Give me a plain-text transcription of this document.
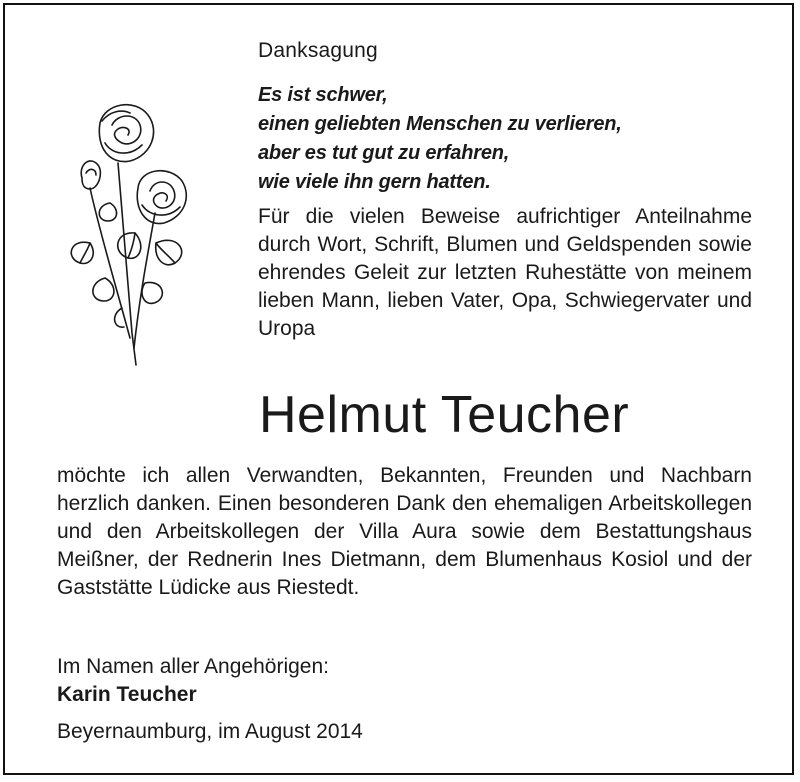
Danksagung
Es ist schwer,
einen geliebten Menschen zu verlieren,
aber es tut gut zu erfahren,
wie viele ihn gern hatten.
Für die vielen Beweise aufrichtiger Anteilnahme durch Wort, Schrift, Blumen und Geldspenden sowie ehrendes Geleit zur letzten Ruhestätte von meinem lieben Mann, lieben Vater, Opa, Schwiegervater und Uropa
Helmut Teucher
möchte ich allen Verwandten, Bekannten, Freunden und Nachbarn herzlich danken. Einen besonderen Dank den ehemaligen Arbeitskollegen und den Arbeitskollegen der Villa Aura sowie dem Bestattungshaus Meißner, der Rednerin Ines Dietmann, dem Blumenhaus Kosiol und der Gaststätte Lüdicke aus Riestedt.
Im Namen aller Angehörigen:
Karin Teucher
Beyernaumburg, im August 2014
